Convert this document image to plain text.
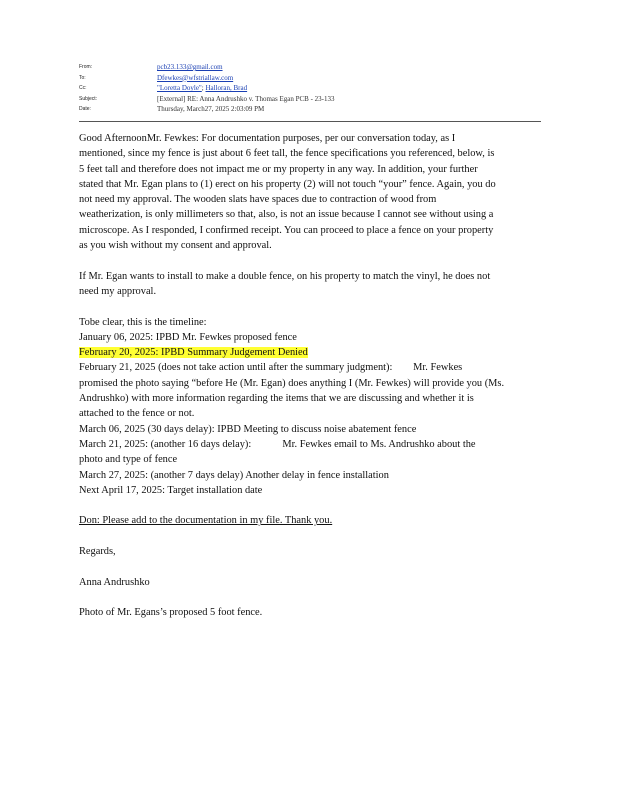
From:	pcb23.133@gmail.com
To:	Dfewkes@wfstriallaw.com
Cc:	"Loretta Doyle"; Halloran, Brad
Subject:	[External] RE: Anna Andrushko v. Thomas Egan PCB - 23-133
Date:	Thursday, March27, 2025 2:03:09 PM

Good AfternoonMr. Fewkes: For documentation purposes, per our conversation today, as I

mentioned, since my fence is just about 6 feet tall, the fence specifications you referenced, below, is

5 feet tall and therefore does not impact me or my property in any way. In addition, your further

stated that Mr. Egan plans to (1) erect on his property (2) will not touch “your” fence. Again, you do

not need my approval. The wooden slats have spaces due to contraction of wood from

weatherization, is only millimeters so that, also, is not an issue because I cannot see without using a

microscope. As I responded, I confirmed receipt. You can proceed to place a fence on your property

as you wish without my consent and approval.

If Mr. Egan wants to install to make a double fence, on his property to match the vinyl, he does not

need my approval.

Tobe clear, this is the timeline:

January 06, 2025: IPBD Mr. Fewkes proposed fence

February 20, 2025: IPBD Summary Judgement Denied

February 21, 2025 (does not take action until after the summary judgment):  Mr. Fewkes

promised the photo saying “before He (Mr. Egan) does anything I (Mr. Fewkes) will provide you (Ms.

Andrushko) with more information regarding the items that we are discussing and whether it is

attached to the fence or not.

March 06, 2025 (30 days delay): IPBD Meeting to discuss noise abatement fence

March 21, 2025: (another 16 days delay):   Mr. Fewkes email to Ms. Andrushko about the

photo and type of fence

March 27, 2025: (another 7 days delay) Another delay in fence installation

Next April 17, 2025: Target installation date

Don: Please add to the documentation in my file. Thank you.

Regards,

Anna Andrushko

Photo of Mr. Egans’s proposed 5 foot fence.
